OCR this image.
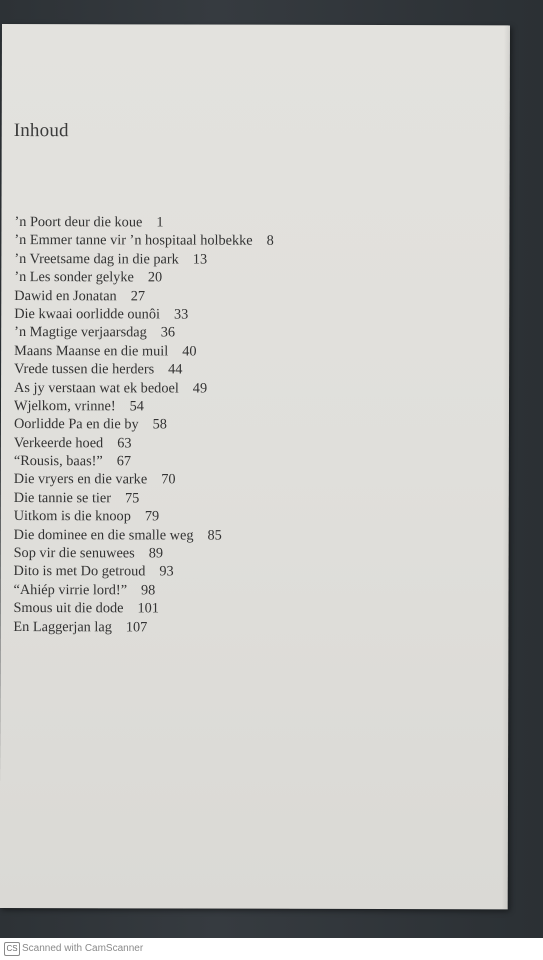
Inhoud
’n Poort deur die koue 1
’n Emmer tanne vir ’n hospitaal holbekke 8
’n Vreetsame dag in die park 13
’n Les sonder gelyke 20
Dawid en Jonatan 27
Die kwaai oorlidde ounôi 33
’n Magtige verjaarsdag 36
Maans Maanse en die muil 40
Vrede tussen die herders 44
As jy verstaan wat ek bedoel 49
Wjelkom, vrinne! 54
Oorlidde Pa en die by 58
Verkeerde hoed 63
“Rousis, baas!” 67
Die vryers en die varke 70
Die tannie se tier 75
Uitkom is die knoop 79
Die dominee en die smalle weg 85
Sop vir die senuwees 89
Dito is met Do getroud 93
“Ahiép virrie lord!” 98
Smous uit die dode 101
En Laggerjan lag 107
CS Scanned with CamScanner
